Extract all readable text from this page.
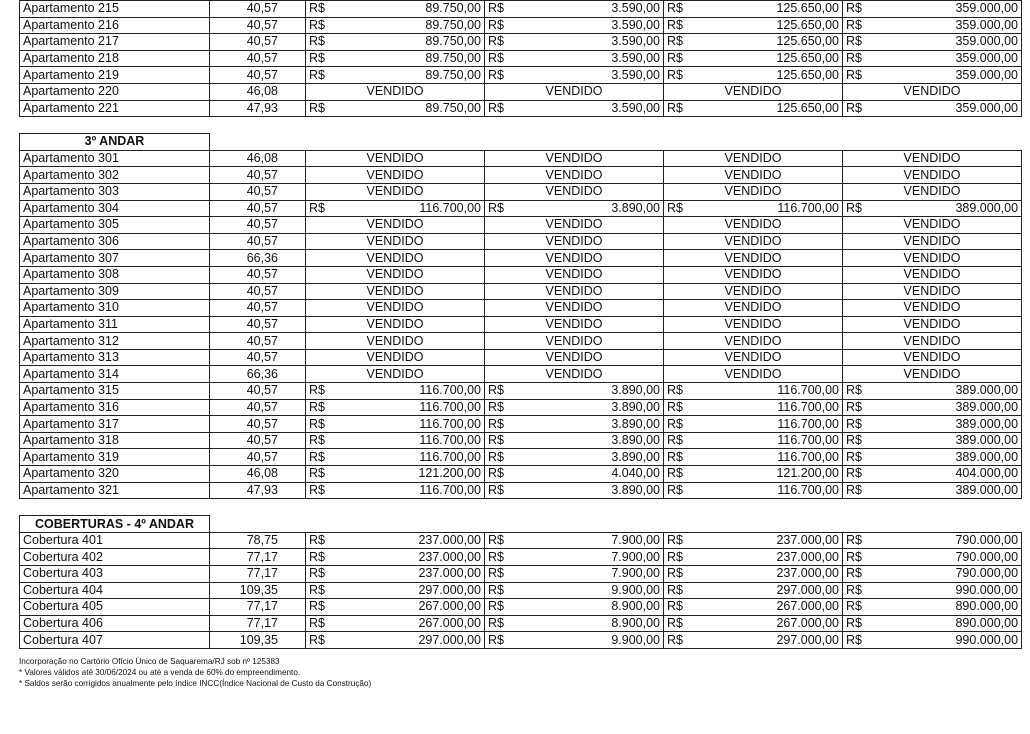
Apartamento 215	40,57	R$	89.750,00	R$	3.590,00	R$	125.650,00	R$	359.000,00
Apartamento 216	40,57	R$	89.750,00	R$	3.590,00	R$	125.650,00	R$	359.000,00
Apartamento 217	40,57	R$	89.750,00	R$	3.590,00	R$	125.650,00	R$	359.000,00
Apartamento 218	40,57	R$	89.750,00	R$	3.590,00	R$	125.650,00	R$	359.000,00
Apartamento 219	40,57	R$	89.750,00	R$	3.590,00	R$	125.650,00	R$	359.000,00
Apartamento 220	46,08	VENDIDO		VENDIDO		VENDIDO		VENDIDO	
Apartamento 221	47,93	R$	89.750,00	R$	3.590,00	R$	125.650,00	R$	359.000,00
3º ANDAR									
Apartamento 301	46,08	VENDIDO		VENDIDO		VENDIDO		VENDIDO	
Apartamento 302	40,57	VENDIDO		VENDIDO		VENDIDO		VENDIDO	
Apartamento 303	40,57	VENDIDO		VENDIDO		VENDIDO		VENDIDO	
Apartamento 304	40,57	R$	116.700,00	R$	3.890,00	R$	116.700,00	R$	389.000,00
Apartamento 305	40,57	VENDIDO		VENDIDO		VENDIDO		VENDIDO	
Apartamento 306	40,57	VENDIDO		VENDIDO		VENDIDO		VENDIDO	
Apartamento 307	66,36	VENDIDO		VENDIDO		VENDIDO		VENDIDO	
Apartamento 308	40,57	VENDIDO		VENDIDO		VENDIDO		VENDIDO	
Apartamento 309	40,57	VENDIDO		VENDIDO		VENDIDO		VENDIDO	
Apartamento 310	40,57	VENDIDO		VENDIDO		VENDIDO		VENDIDO	
Apartamento 311	40,57	VENDIDO		VENDIDO		VENDIDO		VENDIDO	
Apartamento 312	40,57	VENDIDO		VENDIDO		VENDIDO		VENDIDO	
Apartamento 313	40,57	VENDIDO		VENDIDO		VENDIDO		VENDIDO	
Apartamento 314	66,36	VENDIDO		VENDIDO		VENDIDO		VENDIDO	
Apartamento 315	40,57	R$	116.700,00	R$	3.890,00	R$	116.700,00	R$	389.000,00
Apartamento 316	40,57	R$	116.700,00	R$	3.890,00	R$	116.700,00	R$	389.000,00
Apartamento 317	40,57	R$	116.700,00	R$	3.890,00	R$	116.700,00	R$	389.000,00
Apartamento 318	40,57	R$	116.700,00	R$	3.890,00	R$	116.700,00	R$	389.000,00
Apartamento 319	40,57	R$	116.700,00	R$	3.890,00	R$	116.700,00	R$	389.000,00
Apartamento 320	46,08	R$	121.200,00	R$	4.040,00	R$	121.200,00	R$	404.000,00
Apartamento 321	47,93	R$	116.700,00	R$	3.890,00	R$	116.700,00	R$	389.000,00
COBERTURAS - 4º ANDAR									
Cobertura 401	78,75	R$	237.000,00	R$	7.900,00	R$	237.000,00	R$	790.000,00
Cobertura 402	77,17	R$	237.000,00	R$	7.900,00	R$	237.000,00	R$	790.000,00
Cobertura 403	77,17	R$	237.000,00	R$	7.900,00	R$	237.000,00	R$	790.000,00
Cobertura 404	109,35	R$	297.000,00	R$	9.900,00	R$	297.000,00	R$	990.000,00
Cobertura 405	77,17	R$	267.000,00	R$	8.900,00	R$	267.000,00	R$	890.000,00
Cobertura 406	77,17	R$	267.000,00	R$	8.900,00	R$	267.000,00	R$	890.000,00
Cobertura 407	109,35	R$	297.000,00	R$	9.900,00	R$	297.000,00	R$	990.000,00
Incorporação no Cartório Ofício Único de Saquarema/RJ sob nº 125383
* Valores válidos até 30/06/2024 ou até a venda de 60% do empreendimento.
* Saldos serão corrigidos anualmente pelo índice INCC(Índice Nacional de Custo da Construção)
